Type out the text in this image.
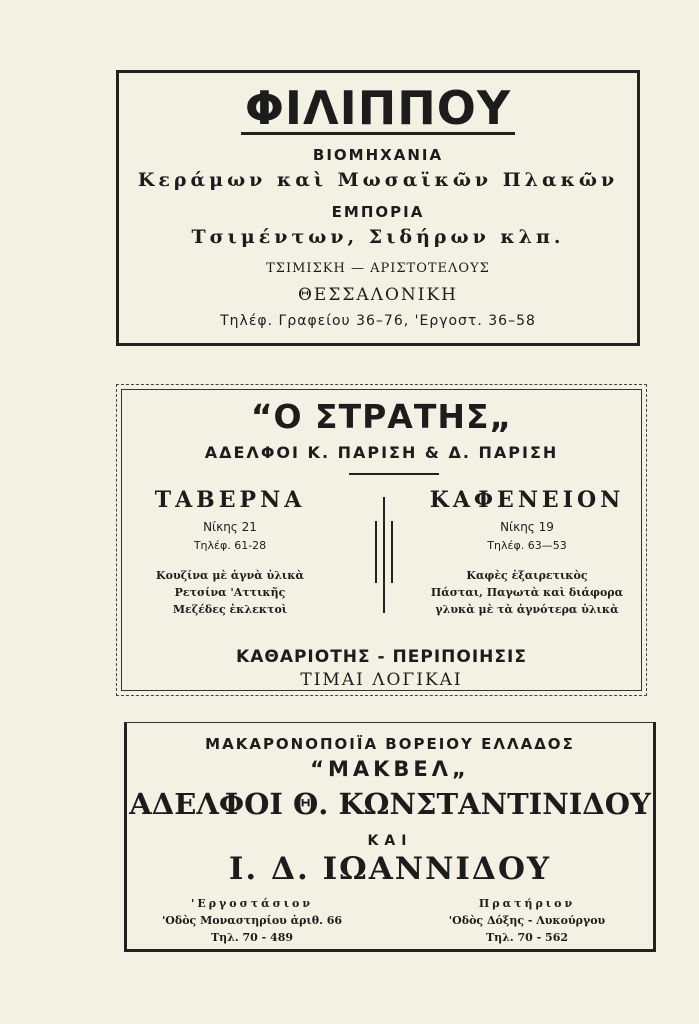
ΦΙΛΙΠΠΟΥ
ΒΙΟΜΗΧΑΝΙΑ
Κεράμων καὶ Μωσαϊκῶν Πλακῶν
ΕΜΠΟΡΙΑ
Τσιμέντων, Σιδήρων κλπ.
ΤΣΙΜΙΣΚΗ — ΑΡΙΣΤΟΤΕΛΟΥΣ
ΘΕΣΣΑΛΟΝΙΚΗ
Τηλέφ. Γραφείου 36–76, 'Εργοστ. 36–58
“Ο ΣΤΡΑΤΗΣ„
ΑΔΕΛΦΟΙ Κ. ΠΑΡΙΣΗ & Δ. ΠΑΡΙΣΗ
ΤΑΒΕΡΝΑ
Νίκης 21
Τηλέφ. 61-28
Κουζίνα μὲ ἁγνὰ ὑλικὰ
Ρετσίνα 'Αττικῆς
Μεζέδες ἐκλεκτοὶ
ΚΑΦΕΝΕΙΟΝ
Νίκης 19
Τηλέφ. 63—53
Καφὲς ἐξαιρετικὸς
Πάσται, Παγωτὰ καὶ διάφορα
γλυκὰ μὲ τὰ ἁγνότερα ὑλικὰ
ΚΑΘΑΡΙΟΤΗΣ - ΠΕΡΙΠΟΙΗΣΙΣ
ΤΙΜΑΙ ΛΟΓΙΚΑΙ
ΜΑΚΑΡΟΝΟΠΟΙΪΑ ΒΟΡΕΙΟΥ ΕΛΛΑΔΟΣ
“ΜΑΚΒΕΛ„
ΑΔΕΛΦΟΙ Θ. ΚΩΝΣΤΑΝΤΙΝΙΔΟΥ
ΚΑΙ
Ι. Δ. ΙΩΑΝΝΙΔΟΥ
'Εργοστάσιον
'Οδὸς Μοναστηρίου ἀριθ. 66
Τηλ. 70 - 489
Πρατήριον
'Οδὸς Δόξης - Λυκούργου
Τηλ. 70 - 562
